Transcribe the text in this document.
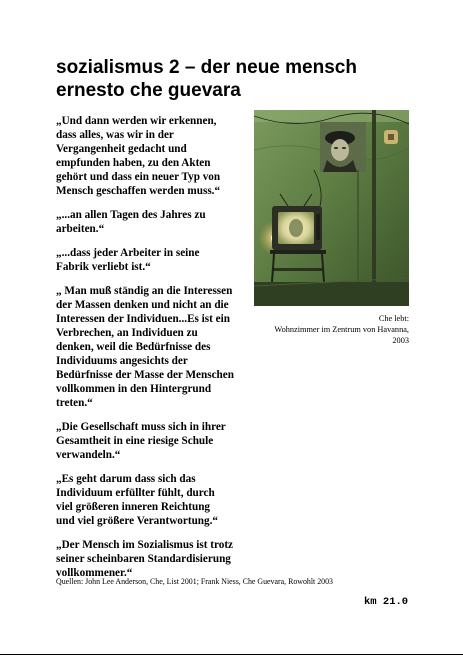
sozialismus 2 – der neue mensch
ernesto che guevara

„Und dann werden wir erkennen,
dass alles, was wir in der
Vergangenheit gedacht und
empfunden haben, zu den Akten
gehört und dass ein neuer Typ von
Mensch geschaffen werden muss.“

„...an allen Tagen des Jahres zu
arbeiten.“

„...dass jeder Arbeiter in seine
Fabrik verliebt ist.“

„ Man muß ständig an die Interessen
der Massen denken und nicht an die
Interessen der Individuen...Es ist ein
Verbrechen, an Individuen zu
denken, weil die Bedürfnisse des
Individuums angesichts der
Bedürfnisse der Masse der Menschen
vollkommen in den Hintergrund
treten.“

„Die Gesellschaft muss sich in ihrer
Gesamtheit in eine riesige Schule
verwandeln.“

„Es geht darum dass sich das
Individuum erfüllter fühlt, durch
viel größeren inneren Reichtung
und viel größere Verantwortung.“

„Der Mensch im Sozialismus ist trotz
seiner scheinbaren Standardisierung
vollkommener.“

Che lebt:
Wohnzimmer im Zentrum von Havanna,
2003
Quellen: John Lee Anderson, Che, List 2001; Frank Niess, Che Guevara, Rowohlt 2003
km 21.0
